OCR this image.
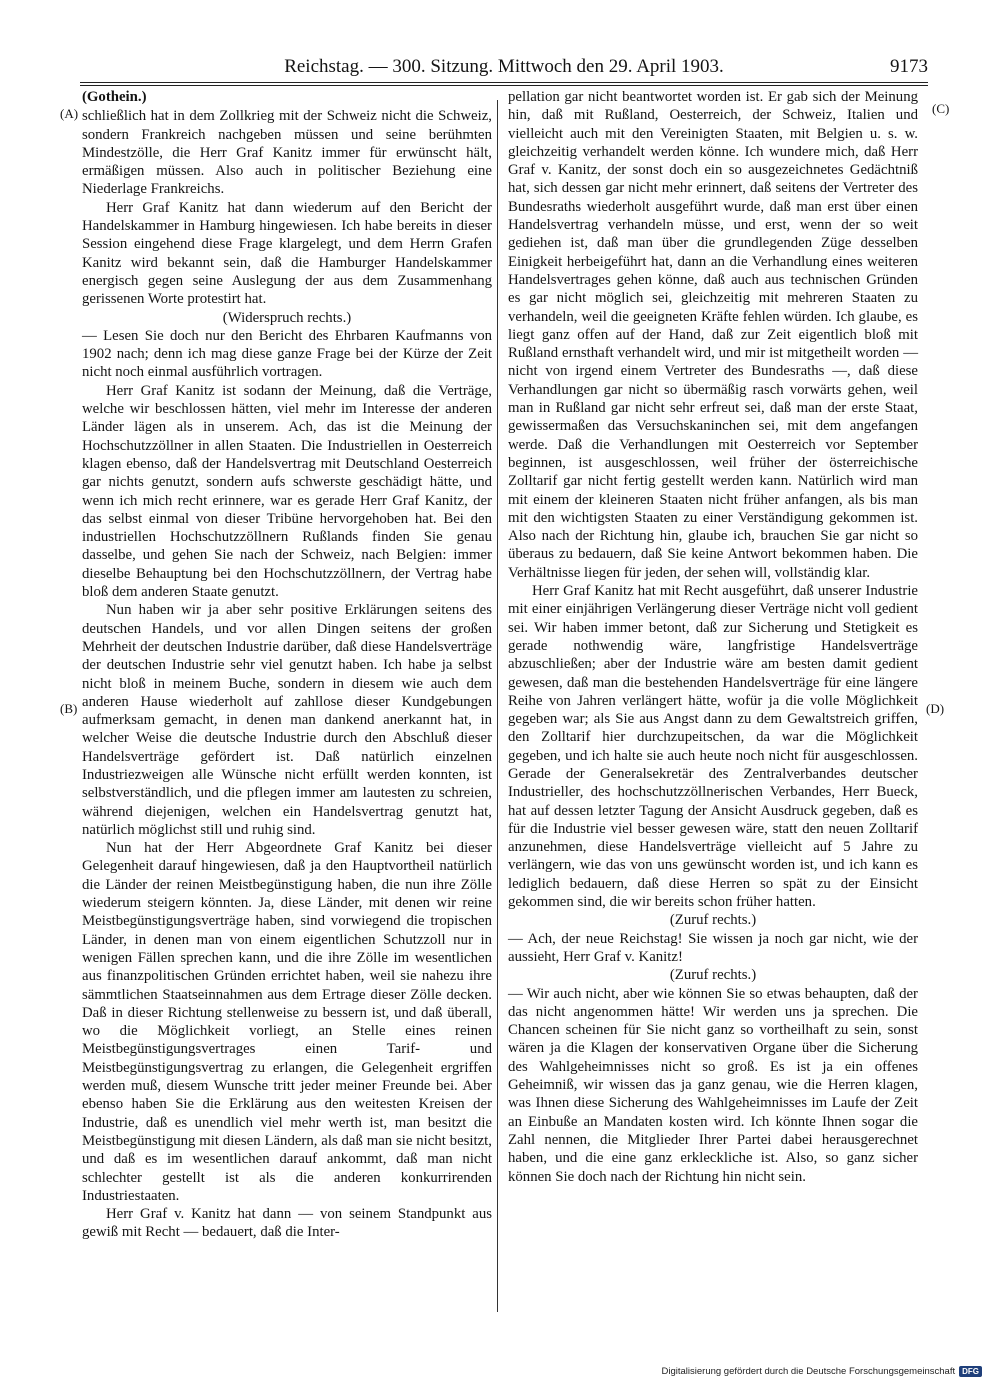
Reichstag. — 300. Sitzung. Mittwoch den 29. April 1903.	9173
(A)
(B)
(C)
(D)

(Gothein.)

schließlich hat in dem Zollkrieg mit der Schweiz nicht die Schweiz, sondern Frankreich nachgeben müssen und seine berühmten Mindestzölle, die Herr Graf Kanitz immer für erwünscht hält, ermäßigen müssen. Also auch in politischer Beziehung eine Niederlage Frankreichs.

Herr Graf Kanitz hat dann wiederum auf den Bericht der Handelskammer in Hamburg hingewiesen. Ich habe bereits in dieser Session eingehend diese Frage klargelegt, und dem Herrn Grafen Kanitz wird bekannt sein, daß die Hamburger Handelskammer energisch gegen seine Auslegung der aus dem Zusammenhang gerissenen Worte protestirt hat.

(Widerspruch rechts.)

— Lesen Sie doch nur den Bericht des Ehrbaren Kaufmanns von 1902 nach; denn ich mag diese ganze Frage bei der Kürze der Zeit nicht noch einmal ausführlich vortragen.

Herr Graf Kanitz ist sodann der Meinung, daß die Verträge, welche wir beschlossen hätten, viel mehr im Interesse der anderen Länder lägen als in unserem. Ach, das ist die Meinung der Hochschutzzöllner in allen Staaten. Die Industriellen in Oesterreich klagen ebenso, daß der Handelsvertrag mit Deutschland Oesterreich gar nichts genutzt, sondern aufs schwerste geschädigt hätte, und wenn ich mich recht erinnere, war es gerade Herr Graf Kanitz, der das selbst einmal von dieser Tribüne hervorgehoben hat. Bei den industriellen Hochschutzzöllnern Rußlands finden Sie genau dasselbe, und gehen Sie nach der Schweiz, nach Belgien: immer dieselbe Behauptung bei den Hochschutzzöllnern, der Vertrag habe bloß dem anderen Staate genutzt.

Nun haben wir ja aber sehr positive Erklärungen seitens des deutschen Handels, und vor allen Dingen seitens der großen Mehrheit der deutschen Industrie darüber, daß diese Handelsverträge der deutschen Industrie sehr viel genutzt haben. Ich habe ja selbst nicht bloß in meinem Buche, sondern in diesem wie auch dem anderen Hause wiederholt auf zahllose dieser Kundgebungen aufmerksam gemacht, in denen man dankend anerkannt hat, in welcher Weise die deutsche Industrie durch den Abschluß dieser Handelsverträge gefördert ist. Daß natürlich einzelnen Industriezweigen alle Wünsche nicht erfüllt werden konnten, ist selbstverständlich, und die pflegen immer am lautesten zu schreien, während diejenigen, welchen ein Handelsvertrag genutzt hat, natürlich möglichst still und ruhig sind.

Nun hat der Herr Abgeordnete Graf Kanitz bei dieser Gelegenheit darauf hingewiesen, daß ja den Hauptvortheil natürlich die Länder der reinen Meistbegünstigung haben, die nun ihre Zölle wiederum steigern könnten. Ja, diese Länder, mit denen wir reine Meistbegünstigungsverträge haben, sind vorwiegend die tropischen Länder, in denen man von einem eigentlichen Schutzzoll nur in wenigen Fällen sprechen kann, und die ihre Zölle im wesentlichen aus finanzpolitischen Gründen errichtet haben, weil sie nahezu ihre sämmtlichen Staatseinnahmen aus dem Ertrage dieser Zölle decken. Daß in dieser Richtung stellenweise zu bessern ist, und daß überall, wo die Möglichkeit vorliegt, an Stelle eines reinen Meistbegünstigungsvertrages einen Tarif- und Meistbegünstigungsvertrag zu erlangen, die Gelegenheit ergriffen werden muß, diesem Wunsche tritt jeder meiner Freunde bei. Aber ebenso haben Sie die Erklärung aus den weitesten Kreisen der Industrie, daß es unendlich viel mehr werth ist, man besitzt die Meistbegünstigung mit diesen Ländern, als daß man sie nicht besitzt, und daß es im wesentlichen darauf ankommt, daß man nicht schlechter gestellt ist als die anderen konkurrirenden Industriestaaten.

Herr Graf v. Kanitz hat dann — von seinem Standpunkt aus gewiß mit Recht — bedauert, daß die Inter-

pellation gar nicht beantwortet worden ist. Er gab sich der Meinung hin, daß mit Rußland, Oesterreich, der Schweiz, Italien und vielleicht auch mit den Vereinigten Staaten, mit Belgien u. s. w. gleichzeitig verhandelt werden könne. Ich wundere mich, daß Herr Graf v. Kanitz, der sonst doch ein so ausgezeichnetes Gedächtniß hat, sich dessen gar nicht mehr erinnert, daß seitens der Vertreter des Bundesraths wiederholt ausgeführt wurde, daß man erst über einen Handelsvertrag verhandeln müsse, und erst, wenn der so weit gediehen ist, daß man über die grundlegenden Züge desselben Einigkeit herbeigeführt hat, dann an die Verhandlung eines weiteren Handelsvertrages gehen könne, daß auch aus technischen Gründen es gar nicht möglich sei, gleichzeitig mit mehreren Staaten zu verhandeln, weil die geeigneten Kräfte fehlen würden. Ich glaube, es liegt ganz offen auf der Hand, daß zur Zeit eigentlich bloß mit Rußland ernsthaft verhandelt wird, und mir ist mitgetheilt worden — nicht von irgend einem Vertreter des Bundesraths —, daß diese Verhandlungen gar nicht so übermäßig rasch vorwärts gehen, weil man in Rußland gar nicht sehr erfreut sei, daß man der erste Staat, gewissermaßen das Versuchskaninchen sei, mit dem angefangen werde. Daß die Verhandlungen mit Oesterreich vor September beginnen, ist ausgeschlossen, weil früher der österreichische Zolltarif gar nicht fertig gestellt werden kann. Natürlich wird man mit einem der kleineren Staaten nicht früher anfangen, als bis man mit den wichtigsten Staaten zu einer Verständigung gekommen ist. Also nach der Richtung hin, glaube ich, brauchen Sie gar nicht so überaus zu bedauern, daß Sie keine Antwort bekommen haben. Die Verhältnisse liegen für jeden, der sehen will, vollständig klar.

Herr Graf Kanitz hat mit Recht ausgeführt, daß unserer Industrie mit einer einjährigen Verlängerung dieser Verträge nicht voll gedient sei. Wir haben immer betont, daß zur Sicherung und Stetigkeit es gerade nothwendig wäre, langfristige Handelsverträge abzuschließen; aber der Industrie wäre am besten damit gedient gewesen, daß man die bestehenden Handelsverträge für eine längere Reihe von Jahren verlängert hätte, wofür ja die volle Möglichkeit gegeben war; als Sie aus Angst dann zu dem Gewaltstreich griffen, den Zolltarif hier durchzupeitschen, da war die Möglichkeit gegeben, und ich halte sie auch heute noch nicht für ausgeschlossen. Gerade der Generalsekretär des Zentralverbandes deutscher Industrieller, des hochschutzzöllnerischen Verbandes, Herr Bueck, hat auf dessen letzter Tagung der Ansicht Ausdruck gegeben, daß es für die Industrie viel besser gewesen wäre, statt den neuen Zolltarif anzunehmen, diese Handelsverträge vielleicht auf 5 Jahre zu verlängern, wie das von uns gewünscht worden ist, und ich kann es lediglich bedauern, daß diese Herren so spät zu der Einsicht gekommen sind, die wir bereits schon früher hatten.

(Zuruf rechts.)

— Ach, der neue Reichstag! Sie wissen ja noch gar nicht, wie der aussieht, Herr Graf v. Kanitz!

(Zuruf rechts.)

— Wir auch nicht, aber wie können Sie so etwas behaupten, daß der das nicht angenommen hätte! Wir werden uns ja sprechen. Die Chancen scheinen für Sie nicht ganz so vortheilhaft zu sein, sonst wären ja die Klagen der konservativen Organe über die Sicherung des Wahlgeheimnisses nicht so groß. Es ist ja ein offenes Geheimniß, wir wissen das ja ganz genau, wie die Herren klagen, was Ihnen diese Sicherung des Wahlgeheimnisses im Laufe der Zeit an Einbuße an Mandaten kosten wird. Ich könnte Ihnen sogar die Zahl nennen, die Mitglieder Ihrer Partei dabei herausgerechnet haben, und die eine ganz erkleckliche ist. Also, so ganz sicher können Sie doch nach der Richtung hin nicht sein.

Digitalisierung gefördert durch die Deutsche Forschungsgemeinschaft DFG
